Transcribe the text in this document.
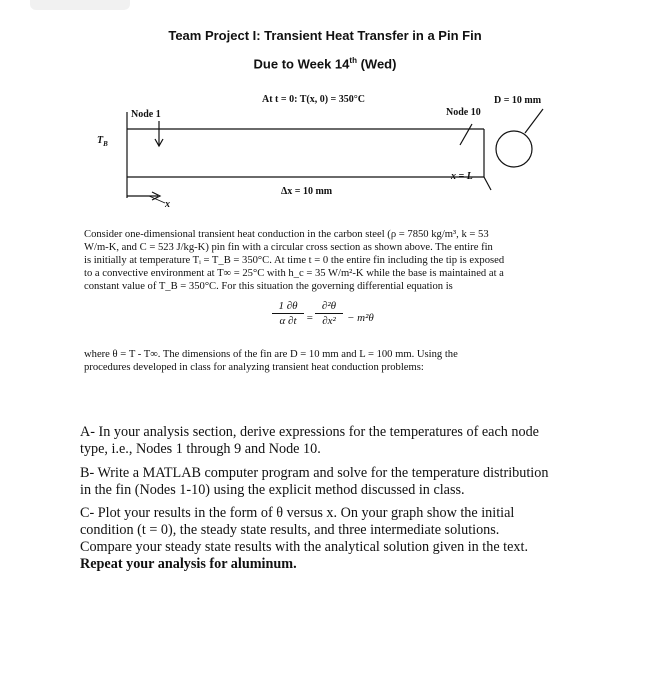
Team Project I: Transient Heat Transfer in a Pin Fin
Due to Week 14th (Wed)
At t = 0: T(x, 0) = 350°C	D = 10 mm
Node 1	Node 10
$T_B$
x = L
Δx = 10 mm
x
Consider one-dimensional transient heat conduction in the carbon steel (ρ = 7850 kg/m³, k = 53
W/m-K, and C = 523 J/kg-K) pin fin with a circular cross section as shown above. The entire fin
is initially at temperature Tᵢ = T_B = 350°C. At time t = 0 the entire fin including the tip is exposed
to a convective environment at T∞ = 25°C with h_c = 35 W/m²-K while the base is maintained at a
constant value of T_B = 350°C. For this situation the governing differential equation is
1 ∂θ
α ∂t =
∂²θ
∂x²	− m²θ
where θ = T - T∞. The dimensions of the fin are D = 10 mm and L = 100 mm. Using the
procedures developed in class for analyzing transient heat conduction problems:
A- In your analysis section, derive expressions for the temperatures of each node
type, i.e., Nodes 1 through 9 and Node 10.
B- Write a MATLAB computer program and solve for the temperature distribution
in the fin (Nodes 1-10) using the explicit method discussed in class.
C- Plot your results in the form of θ versus x. On your graph show the initial
condition (t = 0), the steady state results, and three intermediate solutions.
Compare your steady state results with the analytical solution given in the text.
Repeat your analysis for aluminum.
